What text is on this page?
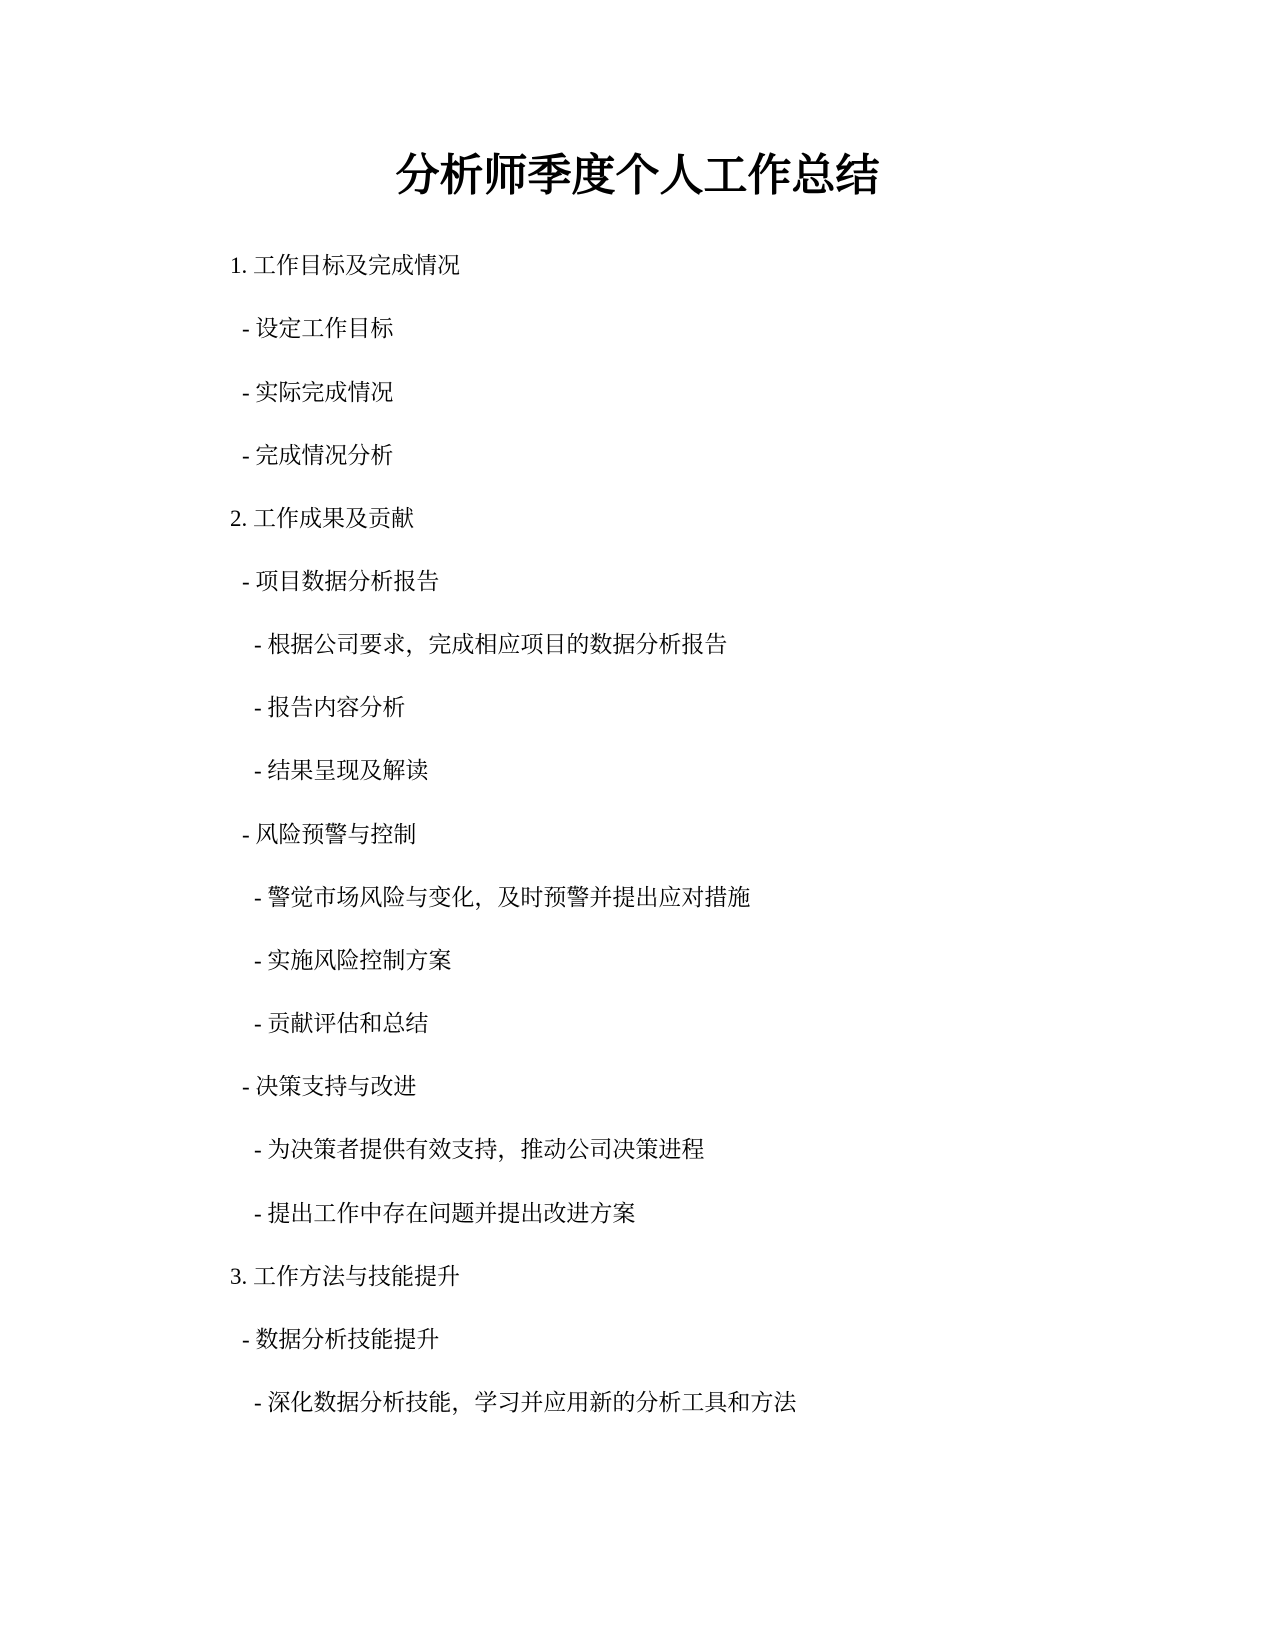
分析师季度个人工作总结

1. 工作目标及完成情况

- 设定工作目标

- 实际完成情况

- 完成情况分析

2. 工作成果及贡献

- 项目数据分析报告

- 根据公司要求，完成相应项目的数据分析报告

- 报告内容分析

- 结果呈现及解读

- 风险预警与控制

- 警觉市场风险与变化，及时预警并提出应对措施

- 实施风险控制方案

- 贡献评估和总结

- 决策支持与改进

- 为决策者提供有效支持，推动公司决策进程

- 提出工作中存在问题并提出改进方案

3. 工作方法与技能提升

- 数据分析技能提升

- 深化数据分析技能，学习并应用新的分析工具和方法
